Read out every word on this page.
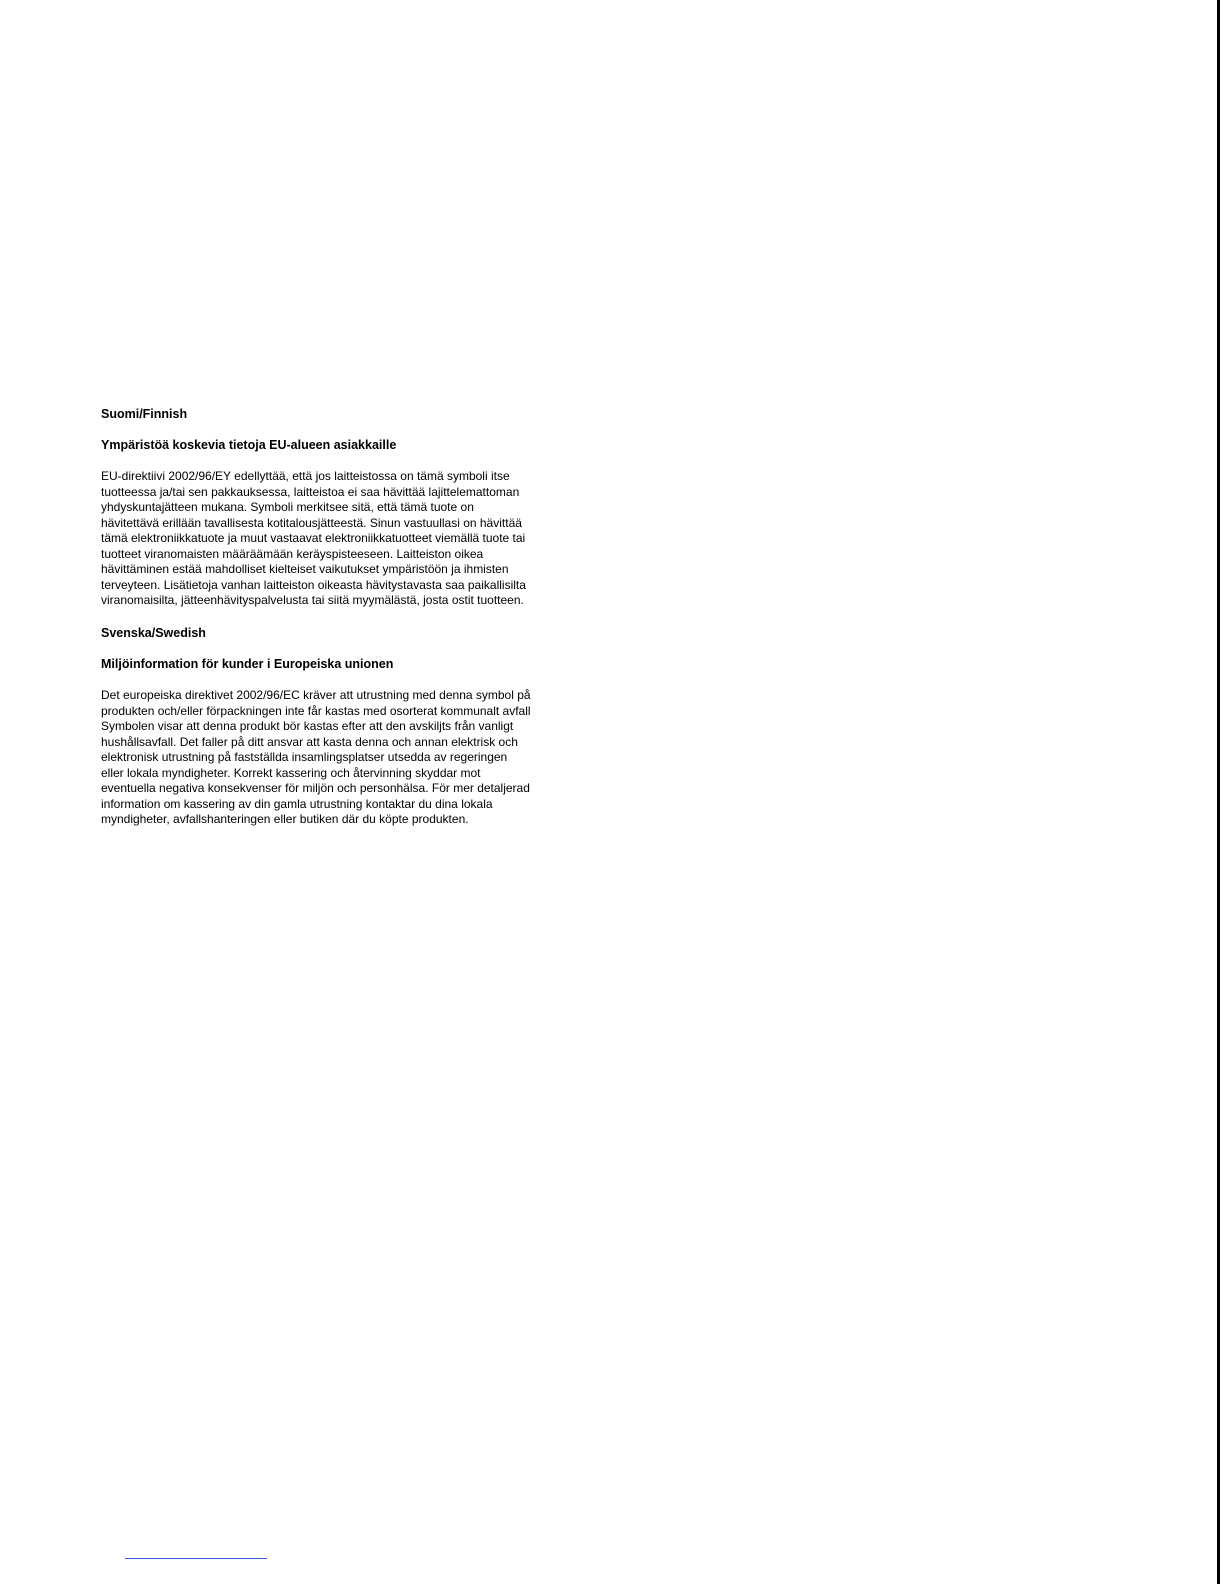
Suomi/Finnish
Ympäristöä koskevia tietoja EU-alueen asiakkaille
EU-direktiivi 2002/96/EY edellyttää, että jos laitteistossa on tämä symboli itse
tuotteessa ja/tai sen pakkauksessa, laitteistoa ei saa hävittää lajittelemattoman
yhdyskuntajätteen mukana. Symboli merkitsee sitä, että tämä tuote on
hävitettävä erillään tavallisesta kotitalousjätteestä. Sinun vastuullasi on hävittää
tämä elektroniikkatuote ja muut vastaavat elektroniikkatuotteet viemällä tuote tai
tuotteet viranomaisten määräämään keräyspisteeseen. Laitteiston oikea
hävittäminen estää mahdolliset kielteiset vaikutukset ympäristöön ja ihmisten
terveyteen. Lisätietoja vanhan laitteiston oikeasta hävitystavasta saa paikallisilta
viranomaisilta, jätteenhävityspalvelusta tai siitä myymälästä, josta ostit tuotteen.
Svenska/Swedish
Miljöinformation för kunder i Europeiska unionen
Det europeiska direktivet 2002/96/EC kräver att utrustning med denna symbol på
produkten och/eller förpackningen inte får kastas med osorterat kommunalt avfall
Symbolen visar att denna produkt bör kastas efter att den avskiljts från vanligt
hushållsavfall. Det faller på ditt ansvar att kasta denna och annan elektrisk och
elektronisk utrustning på fastställda insamlingsplatser utsedda av regeringen
eller lokala myndigheter. Korrekt kassering och återvinning skyddar mot
eventuella negativa konsekvenser för miljön och personhälsa. För mer detaljerad
information om kassering av din gamla utrustning kontaktar du dina lokala
myndigheter, avfallshanteringen eller butiken där du köpte produkten.
